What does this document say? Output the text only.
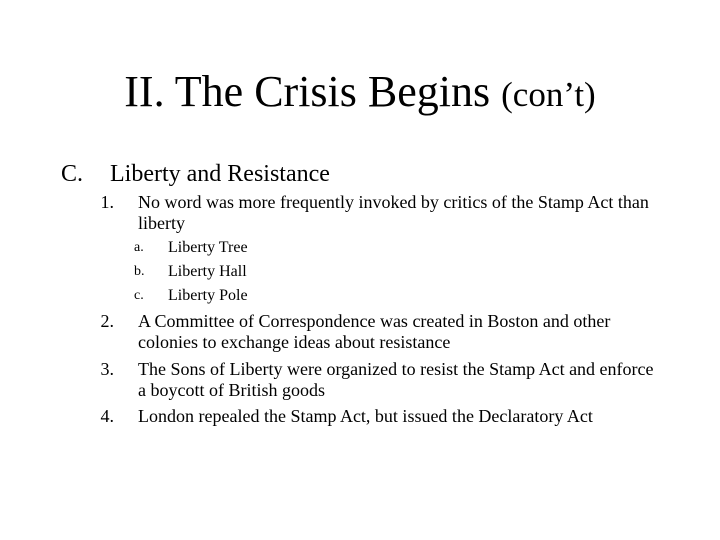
II. The Crisis Begins (con’t)
C. Liberty and Resistance
1. No word was more frequently invoked by critics of the Stamp Act than liberty
a. Liberty Tree
b. Liberty Hall
c. Liberty Pole
2. A Committee of Correspondence was created in Boston and other colonies to exchange ideas about resistance
3. The Sons of Liberty were organized to resist the Stamp Act and enforce a boycott of British goods
4. London repealed the Stamp Act, but issued the Declaratory Act
